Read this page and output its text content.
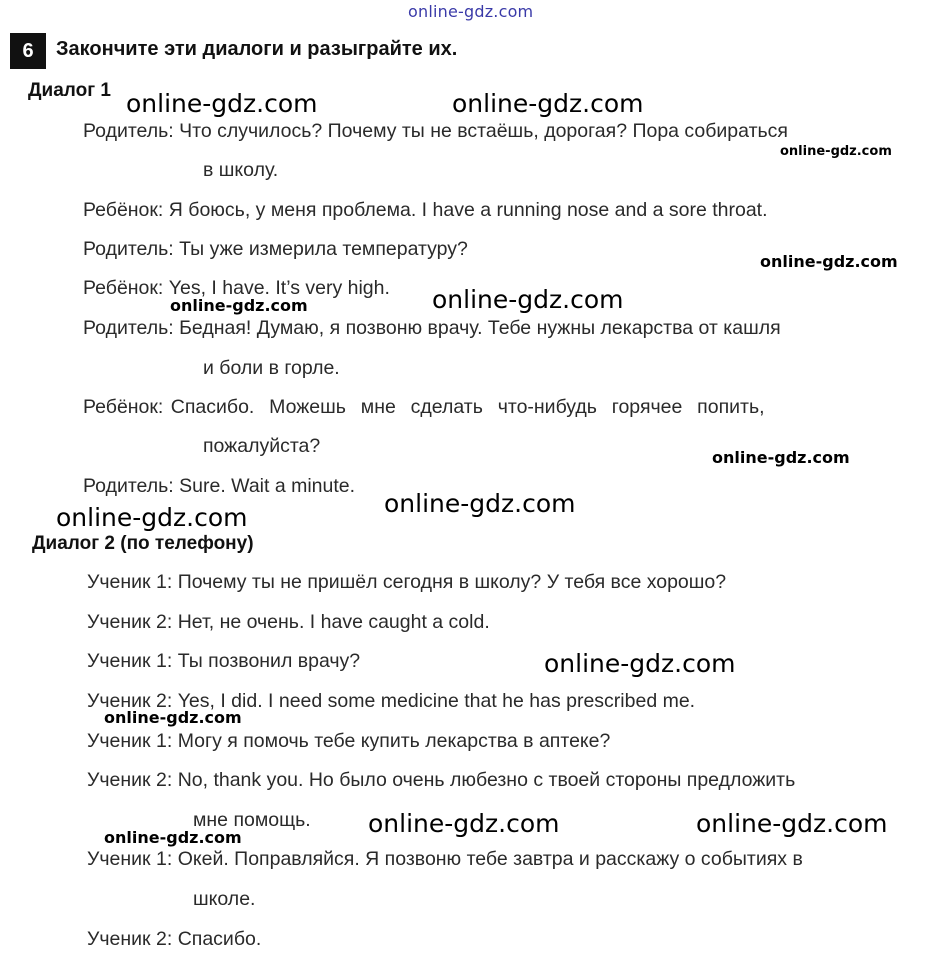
online-gdz.com
6	Закончите эти диалоги и разыграйте их.
Диалог 1
Родитель: Что случилось? Почему ты не встаёшь, дорогая? Пора собираться
в школу.
Ребёнок: Я боюсь, у меня проблема. I have a running nose and a sore throat.
Родитель: Ты уже измерила температуру?
Ребёнок: Yes, I have. It’s very high.
Родитель: Бедная! Думаю, я позвоню врачу. Тебе нужны лекарства от кашля
и боли в горле.
Ребёнок: Спасибо.  Можешь  мне  сделать  что-нибудь  горячее  попить,
пожалуйста?
Родитель: Sure. Wait a minute.
Диалог 2 (по телефону)
Ученик 1: Почему ты не пришёл сегодня в школу? У тебя все хорошо?
Ученик 2: Нет, не очень. I have caught a cold.
Ученик 1: Ты позвонил врачу?
Ученик 2: Yes, I did. I need some medicine that he has prescribed me.
Ученик 1: Могу я помочь тебе купить лекарства в аптеке?
Ученик 2: No, thank you. Но было очень любезно с твоей стороны предложить
мне помощь.
Ученик 1: Окей. Поправляйся. Я позвоню тебе завтра и расскажу о событиях в
школе.
Ученик 2: Спасибо.
online-gdz.com	online-gdz.com
online-gdz.com
online-gdz.com
online-gdz.com	online-gdz.com
online-gdz.com
online-gdz.com
online-gdz.com
online-gdz.com
online-gdz.com
online-gdz.com	online-gdz.com
online-gdz.com
